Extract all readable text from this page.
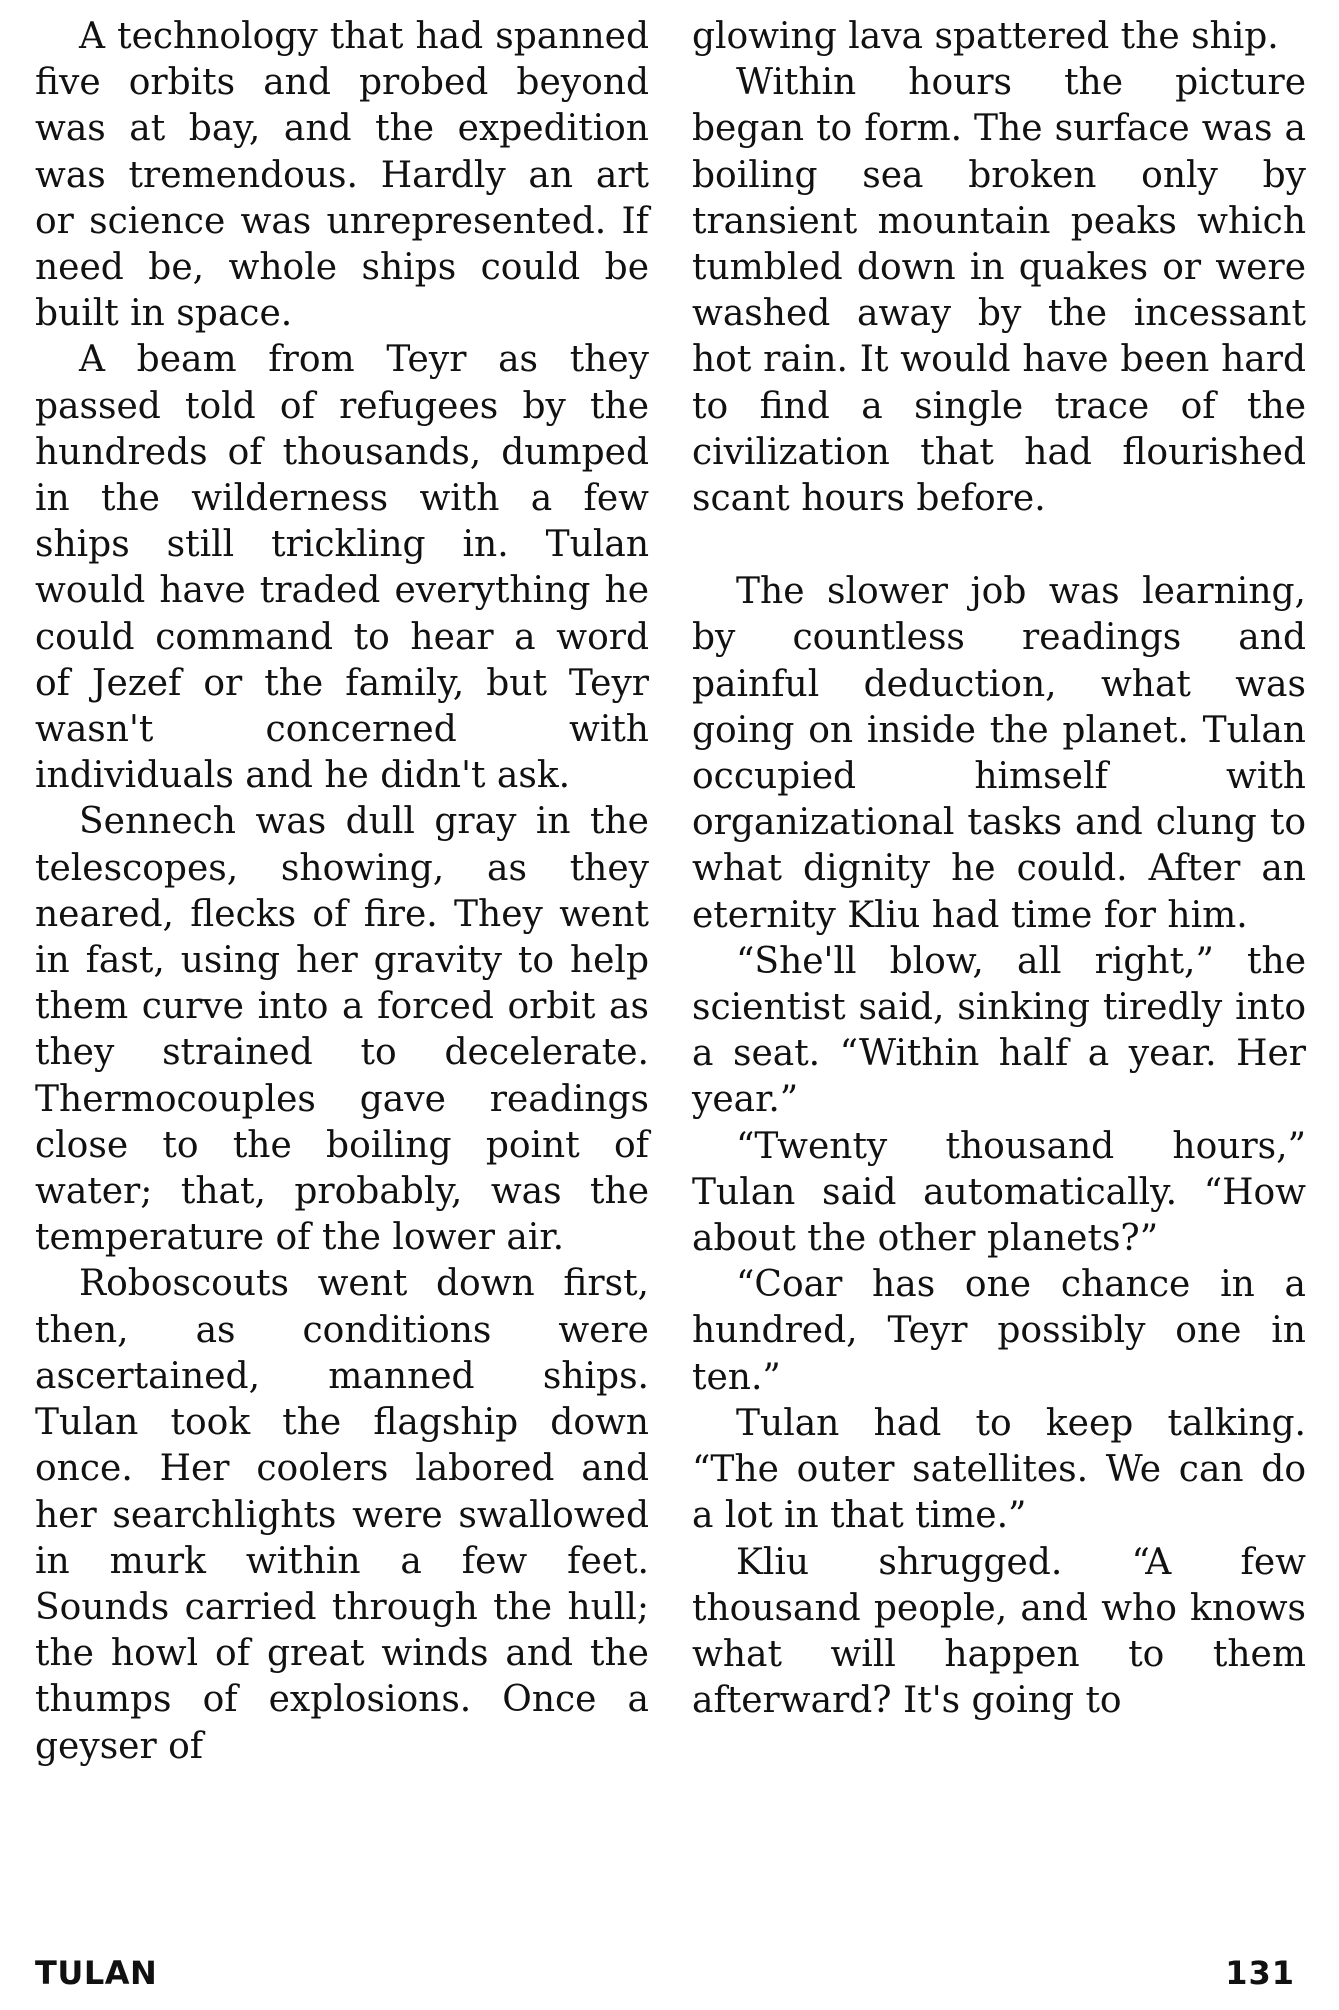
A technology that had spanned five orbits and probed beyond was at bay, and the expedition was tremendous. Hardly an art or science was unrepresented. If need be, whole ships could be built in space.

A beam from Teyr as they passed told of refugees by the hundreds of thousands, dumped in the wilderness with a few ships still trickling in. Tulan would have traded everything he could command to hear a word of Jezef or the family, but Teyr wasn't concerned with individuals and he didn't ask.

Sennech was dull gray in the telescopes, showing, as they neared, flecks of fire. They went in fast, using her gravity to help them curve into a forced orbit as they strained to decelerate. Thermocouples gave readings close to the boiling point of water; that, probably, was the temperature of the lower air.

Roboscouts went down first, then, as conditions were ascertained, manned ships. Tulan took the flagship down once. Her coolers labored and her searchlights were swallowed in murk within a few feet. Sounds carried through the hull; the howl of great winds and the thumps of explosions. Once a geyser of

glowing lava spattered the ship.

Within hours the picture began to form. The surface was a boiling sea broken only by transient mountain peaks which tumbled down in quakes or were washed away by the incessant hot rain. It would have been hard to find a single trace of the civilization that had flourished scant hours before.

The slower job was learning, by countless readings and painful deduction, what was going on inside the planet. Tulan occupied himself with organizational tasks and clung to what dignity he could. After an eternity Kliu had time for him.

“She'll blow, all right,” the scientist said, sinking tiredly into a seat. “Within half a year. Her year.”

“Twenty thousand hours,” Tulan said automatically. “How about the other planets?”

“Coar has one chance in a hundred, Teyr possibly one in ten.”

Tulan had to keep talking. “The outer satellites. We can do a lot in that time.”

Kliu shrugged. “A few thousand people, and who knows what will happen to them afterward? It's going to

TULAN	131
